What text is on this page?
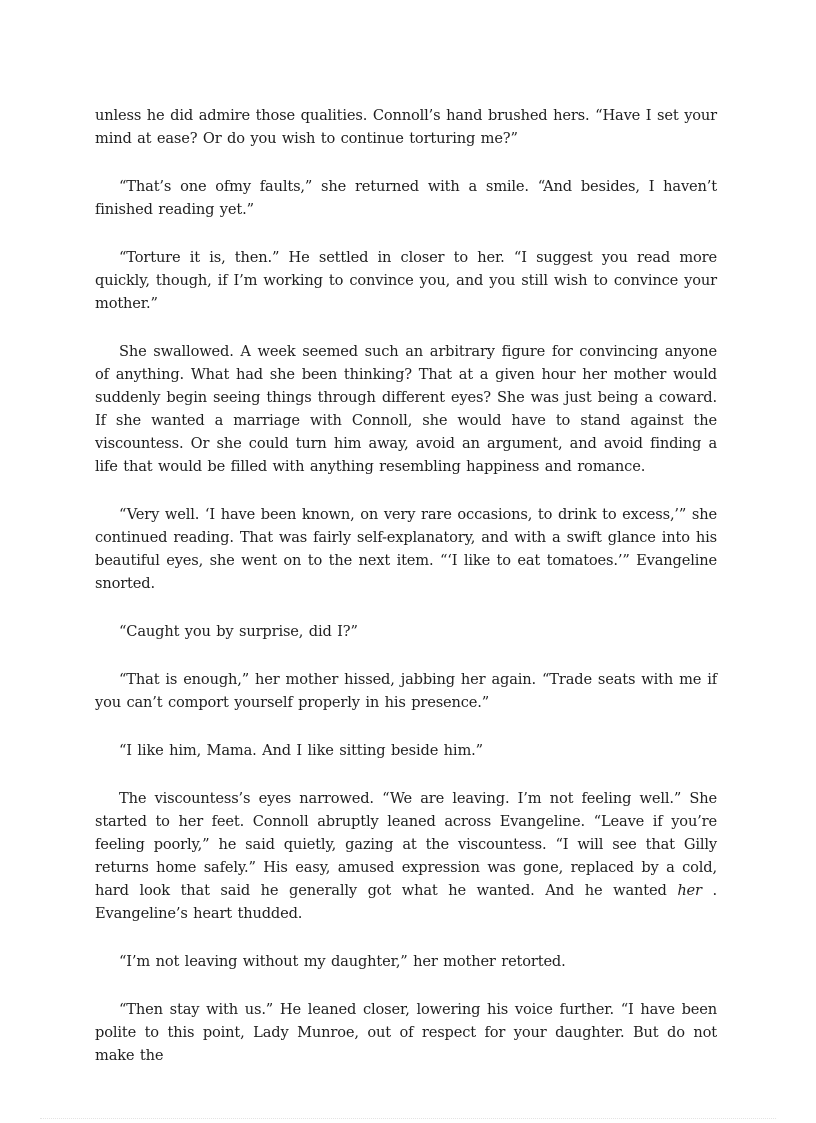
unless he did admire those qualities. Connoll’s hand brushed hers. “Have I set your mind at ease? Or do you wish to continue torturing me?”

“That’s one ofmy faults,” she returned with a smile. “And besides, I haven’t finished reading yet.”

“Torture it is, then.” He settled in closer to her. “I suggest you read more quickly, though, if I’m working to convince you, and you still wish to convince your mother.”

She swallowed. A week seemed such an arbitrary figure for convincing anyone of anything. What had she been thinking? That at a given hour her mother would suddenly begin seeing things through different eyes? She was just being a coward. If she wanted a marriage with Connoll, she would have to stand against the viscountess. Or she could turn him away, avoid an argument, and avoid finding a life that would be filled with anything resembling happiness and romance.

“Very well. ‘I have been known, on very rare occasions, to drink to excess,’” she continued reading. That was fairly self-explanatory, and with a swift glance into his beautiful eyes, she went on to the next item. “‘I like to eat tomatoes.’” Evangeline snorted.

“Caught you by surprise, did I?”

“That is enough,” her mother hissed, jabbing her again. “Trade seats with me if you can’t comport yourself properly in his presence.”

“I like him, Mama. And I like sitting beside him.”

The viscountess’s eyes narrowed. “We are leaving. I’m not feeling well.” She started to her feet. Connoll abruptly leaned across Evangeline. “Leave if you’re feeling poorly,” he said quietly, gazing at the viscountess. “I will see that Gilly returns home safely.” His easy, amused expression was gone, replaced by a cold, hard look that said he generally got what he wanted. And he wanted her . Evangeline’s heart thudded.

“I’m not leaving without my daughter,” her mother retorted.

“Then stay with us.” He leaned closer, lowering his voice further. “I have been polite to this point, Lady Munroe, out of respect for your daughter. But do not make the
